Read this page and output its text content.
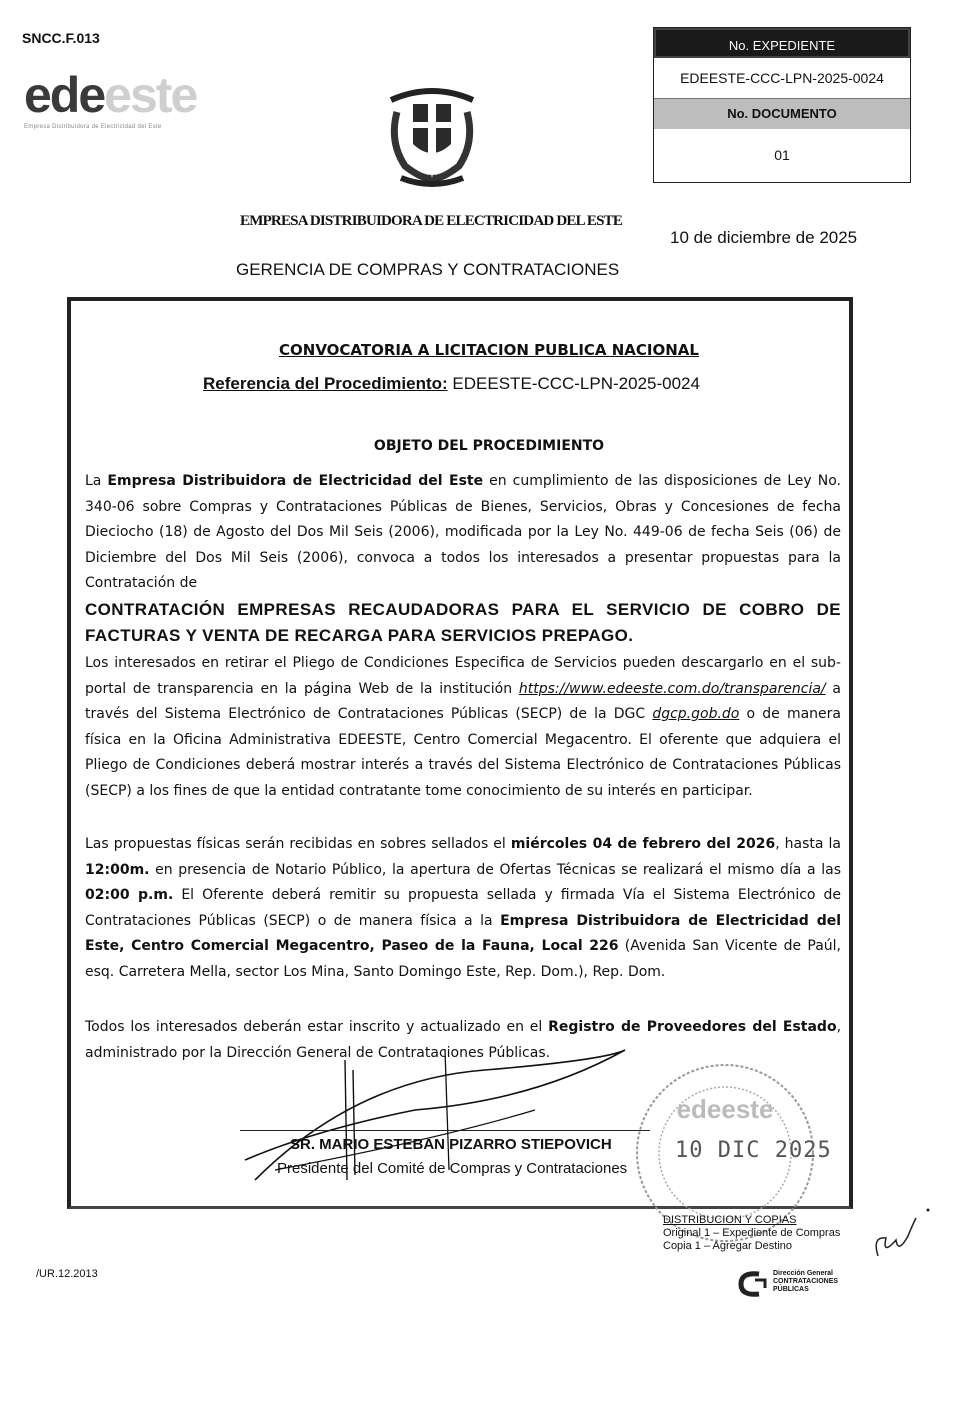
SNCC.F.013
edeeste
Empresa Distribuidora de Electricidad del Este
No. EXPEDIENTE
EDEESTE-CCC-LPN-2025-0024
No. DOCUMENTO
01
EMPRESA DISTRIBUIDORA DE ELECTRICIDAD DEL ESTE
10 de diciembre de 2025
GERENCIA DE COMPRAS Y CONTRATACIONES
CONVOCATORIA A LICITACION PUBLICA NACIONAL
Referencia del Procedimiento: EDEESTE-CCC-LPN-2025-0024
OBJETO DEL PROCEDIMIENTO
La Empresa Distribuidora de Electricidad del Este en cumplimiento de las disposiciones de Ley No. 340-06 sobre Compras y Contrataciones Públicas de Bienes, Servicios, Obras y Concesiones de fecha Dieciocho (18) de Agosto del Dos Mil Seis (2006), modificada por la Ley No. 449-06 de fecha Seis (06) de Diciembre del Dos Mil Seis (2006), convoca a todos los interesados a presentar propuestas para la Contratación de
CONTRATACIÓN EMPRESAS RECAUDADORAS PARA EL SERVICIO DE COBRO DE FACTURAS Y VENTA DE RECARGA PARA SERVICIOS PREPAGO.
Los interesados en retirar el Pliego de Condiciones Especifica de Servicios pueden descargarlo en el sub-portal de transparencia en la página Web de la institución https://www.edeeste.com.do/transparencia/ a través del Sistema Electrónico de Contrataciones Públicas (SECP) de la DGC dgcp.gob.do o de manera física en la Oficina Administrativa EDEESTE, Centro Comercial Megacentro. El oferente que adquiera el Pliego de Condiciones deberá mostrar interés a través del Sistema Electrónico de Contrataciones Públicas (SECP) a los fines de que la entidad contratante tome conocimiento de su interés en participar.
Las propuestas físicas serán recibidas en sobres sellados el miércoles 04 de febrero del 2026, hasta la 12:00m. en presencia de Notario Público, la apertura de Ofertas Técnicas se realizará el mismo día a las 02:00 p.m. El Oferente deberá remitir su propuesta sellada y firmada Vía el Sistema Electrónico de Contrataciones Públicas (SECP) o de manera física a la Empresa Distribuidora de Electricidad del Este, Centro Comercial Megacentro, Paseo de la Fauna, Local 226 (Avenida San Vicente de Paúl, esq. Carretera Mella, sector Los Mina, Santo Domingo Este, Rep. Dom.), Rep. Dom.
Todos los interesados deberán estar inscrito y actualizado en el Registro de Proveedores del Estado, administrado por la Dirección General de Contrataciones Públicas.
edeeste
10 DIC 2025
SR. MARIO ESTEBAN PIZARRO STIEPOVICH
Presidente del Comité de Compras y Contrataciones
DISTRIBUCION Y COPIAS
Original 1 – Expediente de Compras
Copia 1 – Agregar Destino
/UR.12.2013	Dirección General
CONTRATACIONES
PÚBLICAS
